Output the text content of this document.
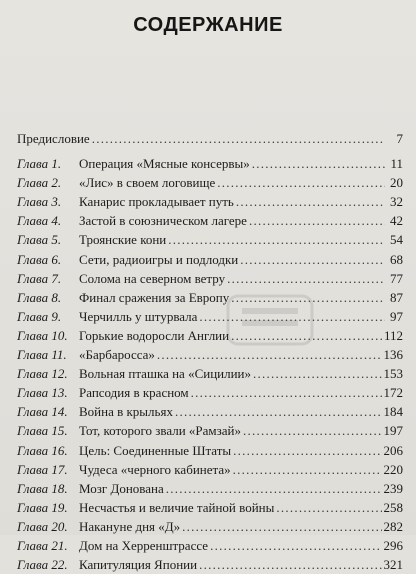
СОДЕРЖАНИЕ
Предисловие . . .	7
Глава 1.	Операция «Мясные консервы» . . .	11
Глава 2.	«Лис» в своем логовище . . .	20
Глава 3.	Канарис прокладывает путь . . .	32
Глава 4.	Застой в союзническом лагере . . .	42
Глава 5.	Троянские кони . . .	54
Глава 6.	Сети, радиоигры и подлодки . . .	68
Глава 7.	Солома на северном ветру . . .	77
Глава 8.	Финал сражения за Европу . . .	87
Глава 9.	Черчилль у штурвала . . .	97
Глава 10. Горькие водоросли Англии . . .	112
Глава 11. «Барбаросса» . . .	136
Глава 12. Вольная пташка на «Сицилии» . . .	153
Глава 13. Рапсодия в красном . . .	172
Глава 14. Война в крыльях . . .	184
Глава 15. Тот, которого звали «Рамзай» . . .	197
Глава 16. Цель: Соединенные Штаты . . .	206
Глава 17. Чудеса «черного кабинета» . . .	220
Глава 18. Мозг Донована . . .	239
Глава 19. Несчастья и величие тайной войны . . .	258
Глава 20. Накануне дня «Д» . . .	282
Глава 21. Дом на Херренштрассе . . .	296
Глава 22. Капитуляция Японии . . .	321
